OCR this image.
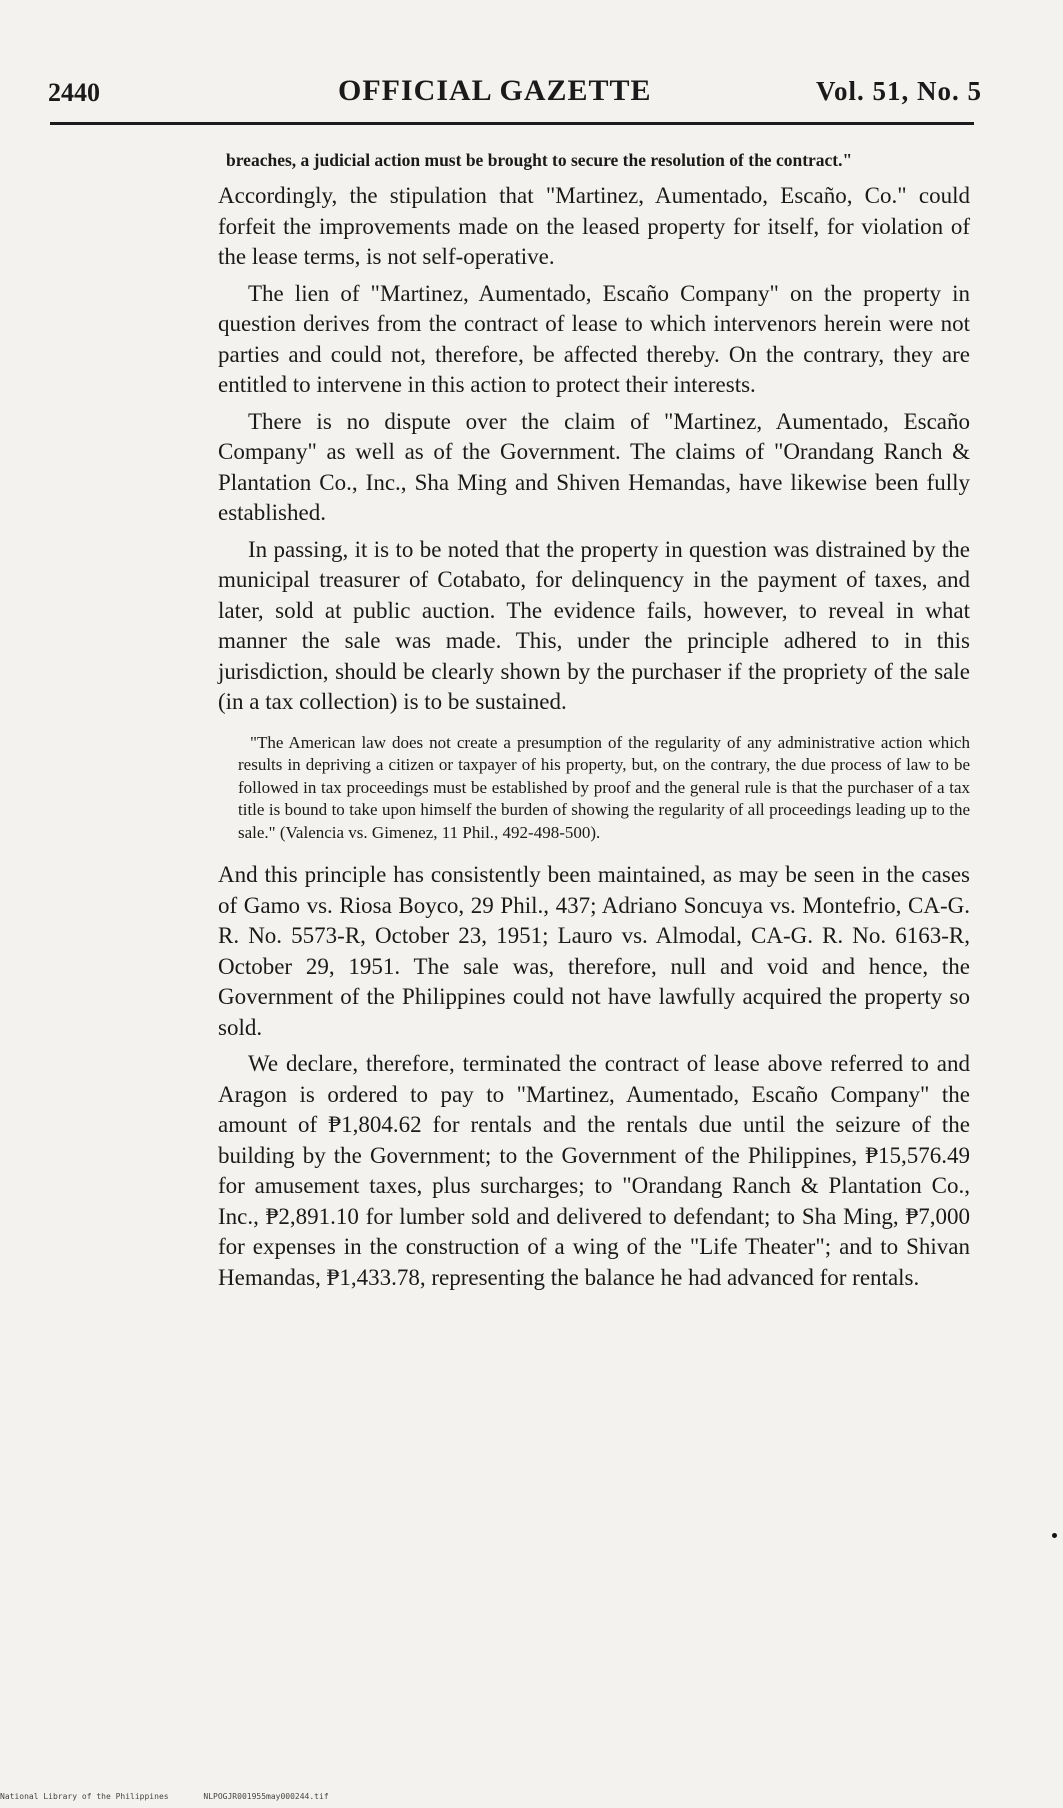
2440	OFFICIAL GAZETTE	Vol. 51, No. 5

breaches, a judicial action must be brought to secure the resolution of the contract."

Accordingly, the stipulation that "Martinez, Aumentado, Escaño, Co." could forfeit the improvements made on the leased property for itself, for violation of the lease terms, is not self-operative.

The lien of "Martinez, Aumentado, Escaño Company" on the property in question derives from the contract of lease to which intervenors herein were not parties and could not, therefore, be affected thereby. On the contrary, they are entitled to intervene in this action to protect their interests.

There is no dispute over the claim of "Martinez, Aumentado, Escaño Company" as well as of the Government. The claims of "Orandang Ranch & Plantation Co., Inc., Sha Ming and Shiven Hemandas, have likewise been fully established.

In passing, it is to be noted that the property in question was distrained by the municipal treasurer of Cotabato, for delinquency in the payment of taxes, and later, sold at public auction. The evidence fails, however, to reveal in what manner the sale was made. This, under the principle adhered to in this jurisdiction, should be clearly shown by the purchaser if the propriety of the sale (in a tax collection) is to be sustained.

"The American law does not create a presumption of the regularity of any administrative action which results in depriving a citizen or taxpayer of his property, but, on the contrary, the due process of law to be followed in tax proceedings must be established by proof and the general rule is that the purchaser of a tax title is bound to take upon himself the burden of showing the regularity of all proceedings leading up to the sale." (Valencia vs. Gimenez, 11 Phil., 492-498-500).

And this principle has consistently been maintained, as may be seen in the cases of Gamo vs. Riosa Boyco, 29 Phil., 437; Adriano Soncuya vs. Montefrio, CA-G. R. No. 5573-R, October 23, 1951; Lauro vs. Almodal, CA-G. R. No. 6163-R, October 29, 1951. The sale was, therefore, null and void and hence, the Government of the Philippines could not have lawfully acquired the property so sold.

We declare, therefore, terminated the contract of lease above referred to and Aragon is ordered to pay to "Martinez, Aumentado, Escaño Company" the amount of ₱1,804.62 for rentals and the rentals due until the seizure of the building by the Government; to the Government of the Philippines, ₱15,576.49 for amusement taxes, plus surcharges; to "Orandang Ranch & Plantation Co., Inc., ₱2,891.10 for lumber sold and delivered to defendant; to Sha Ming, ₱7,000 for expenses in the construction of a wing of the "Life Theater"; and to Shivan Hemandas, ₱1,433.78, representing the balance he had advanced for rentals.

National Library of the Philippines	NLPOGJR001955may000244.tif
